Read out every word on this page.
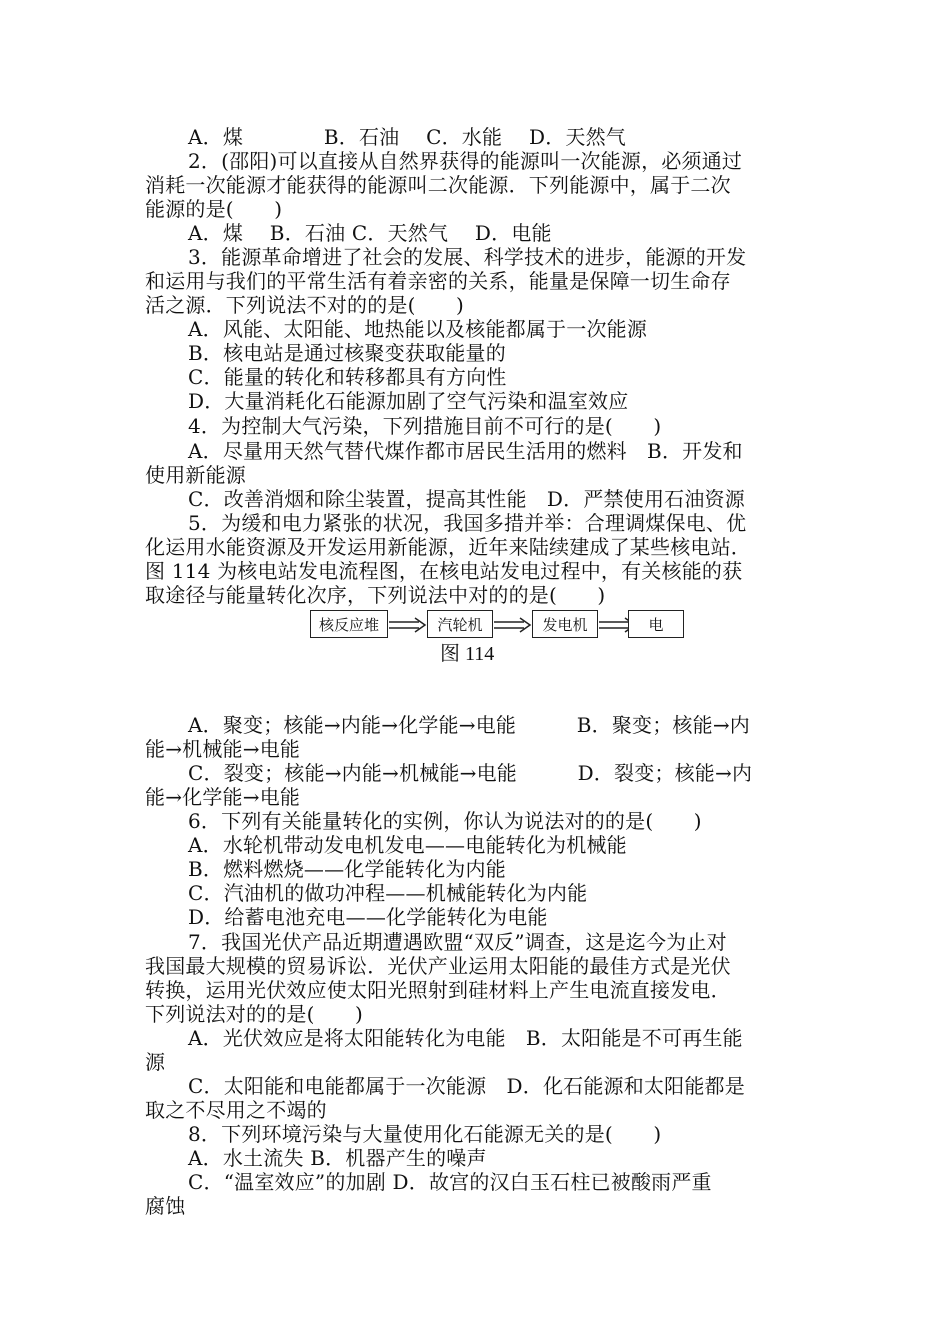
A．煤　　　　B．石油　 C．水能　 D．天然气
2．(邵阳)可以直接从自然界获得的能源叫一次能源，必须通过
消耗一次能源才能获得的能源叫二次能源．下列能源中，属于二次
能源的是(　　)
A．煤　 B．石油 C．天然气　 D．电能
3．能源革命增进了社会的发展、科学技术的进步，能源的开发
和运用与我们的平常生活有着亲密的关系，能量是保障一切生命存
活之源．下列说法不对的的是(　　)
A．风能、太阳能、地热能以及核能都属于一次能源
B．核电站是通过核聚变获取能量的
C．能量的转化和转移都具有方向性
D．大量消耗化石能源加剧了空气污染和温室效应
4．为控制大气污染，下列措施目前不可行的是(　　)
A．尽量用天然气替代煤作都市居民生活用的燃料　B．开发和
使用新能源
C．改善消烟和除尘装置，提高其性能　D．严禁使用石油资源
5．为缓和电力紧张的状况，我国多措并举：合理调煤保电、优
化运用水能资源及开发运用新能源，近年来陆续建成了某些核电站．
图 114 为核电站发电流程图，在核电站发电过程中，有关核能的获
取途径与能量转化次序，下列说法中对的的是(　　)
核反应堆	汽轮机	发电机	电
图 114
A．聚变；核能→内能→化学能→电能　　　B．聚变；核能→内
能→机械能→电能
C．裂变；核能→内能→机械能→电能　　　D．裂变；核能→内
能→化学能→电能
6．下列有关能量转化的实例，你认为说法对的的是(　　)
A．水轮机带动发电机发电——电能转化为机械能
B．燃料燃烧——化学能转化为内能
C．汽油机的做功冲程——机械能转化为内能
D．给蓄电池充电——化学能转化为电能
7．我国光伏产品近期遭遇欧盟“双反”调查，这是迄今为止对
我国最大规模的贸易诉讼．光伏产业运用太阳能的最佳方式是光伏
转换，运用光伏效应使太阳光照射到硅材料上产生电流直接发电．
下列说法对的的是(　　)
A．光伏效应是将太阳能转化为电能　B．太阳能是不可再生能
源
C．太阳能和电能都属于一次能源　D．化石能源和太阳能都是
取之不尽用之不竭的
8．下列环境污染与大量使用化石能源无关的是(　　)
A．水土流失 B．机器产生的噪声
C．“温室效应”的加剧 D．故宫的汉白玉石柱已被酸雨严重
腐蚀
